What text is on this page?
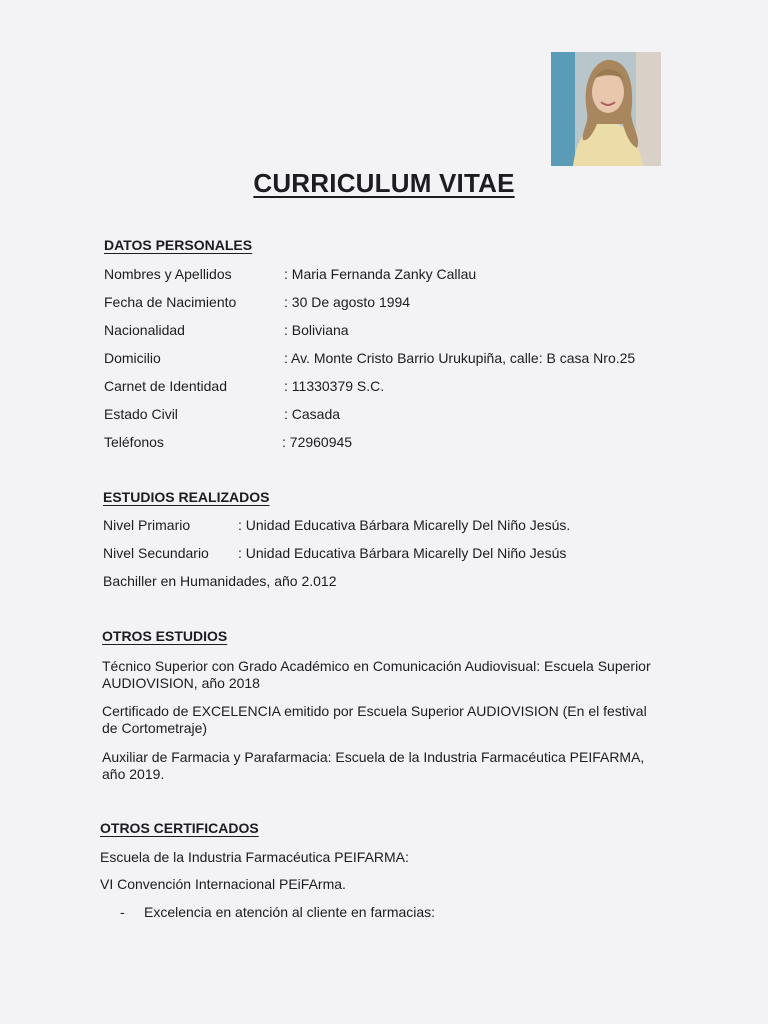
CURRICULUM VITAE
DATOS PERSONALES
Nombres y Apellidos	: Maria Fernanda Zanky Callau
Fecha de Nacimiento	: 30 De agosto 1994
Nacionalidad	: Boliviana
Domicilio	: Av. Monte Cristo Barrio Urukupiña, calle: B casa Nro.25
Carnet de Identidad	: 11330379 S.C.
Estado Civil	: Casada
Teléfonos	: 72960945
ESTUDIOS REALIZADOS
Nivel Primario	: Unidad Educativa Bárbara Micarelly Del Niño Jesús.
Nivel Secundario : Unidad Educativa Bárbara Micarelly Del Niño Jesús
Bachiller en Humanidades, año 2.012
OTROS ESTUDIOS

Técnico Superior con Grado Académico en Comunicación Audiovisual: Escuela Superior AUDIOVISION, año 2018

Certificado de EXCELENCIA emitido por Escuela Superior AUDIOVISION (En el festival de Cortometraje)

Auxiliar de Farmacia y Parafarmacia: Escuela de la Industria Farmacéutica PEIFARMA, año 2019.

OTROS CERTIFICADOS
Escuela de la Industria Farmacéutica PEIFARMA:
VI Convención Internacional PEiFArma.
- Excelencia en atención al cliente en farmacias:
